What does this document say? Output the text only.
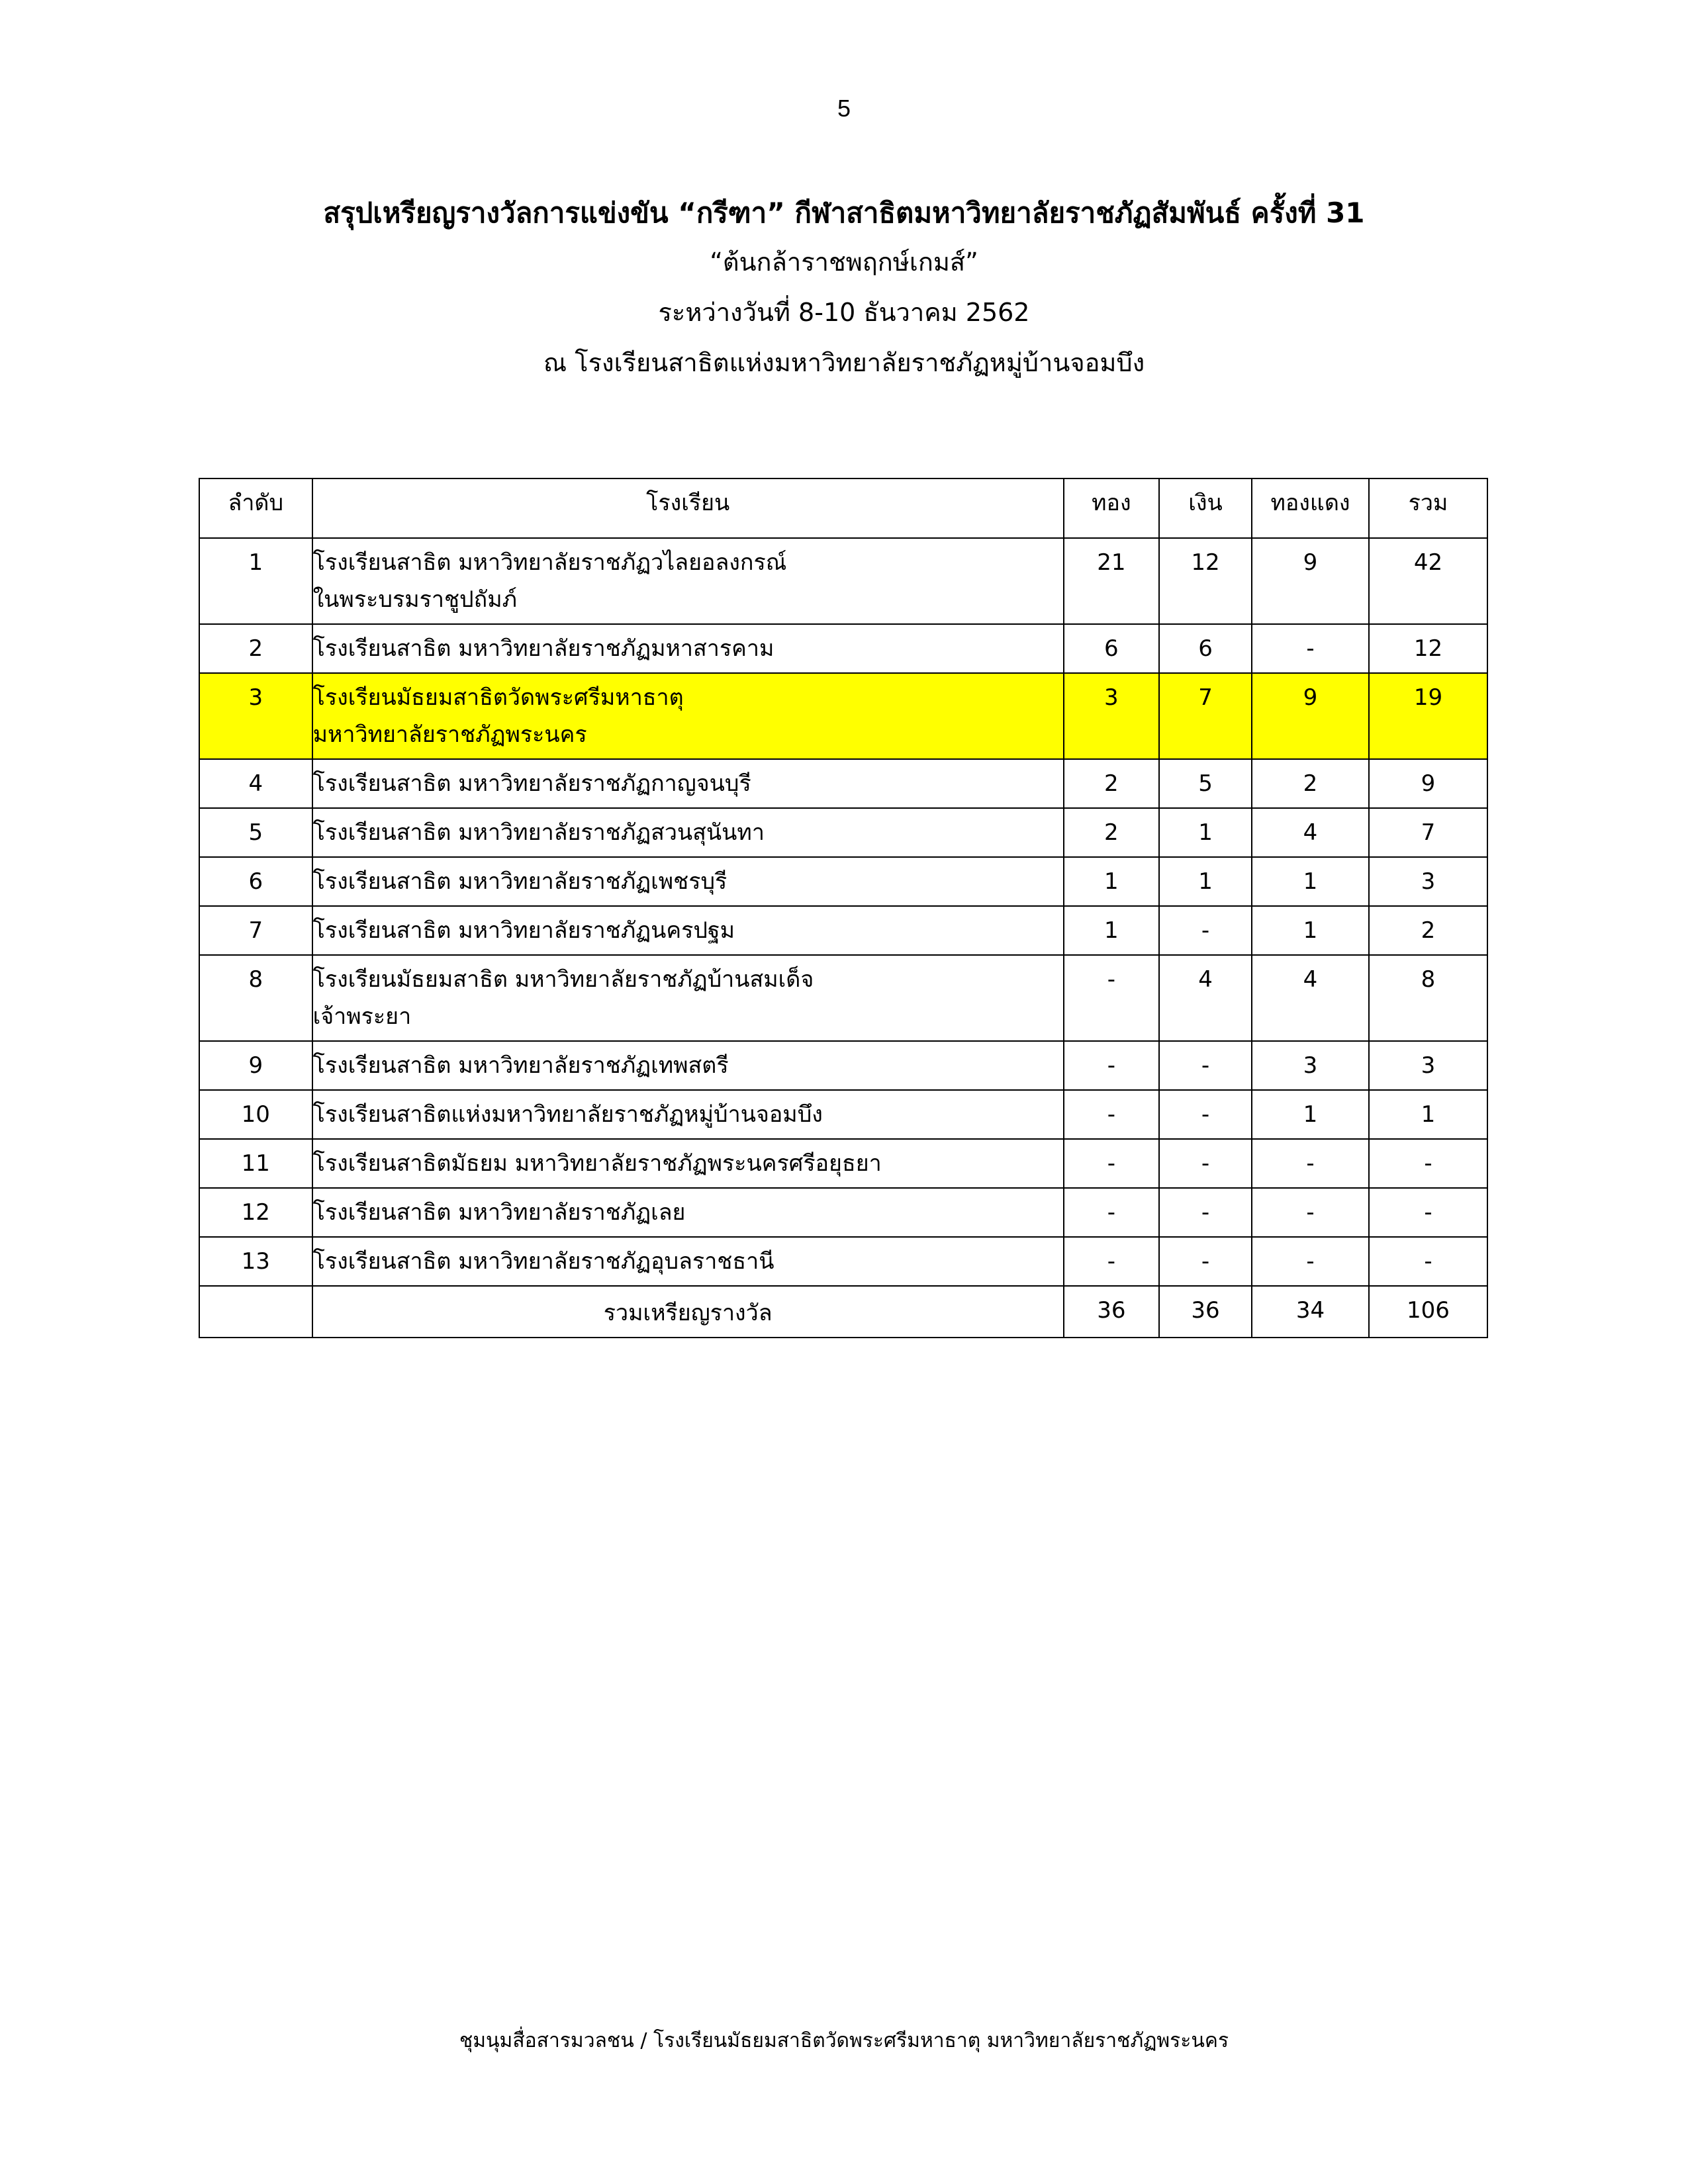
5
สรุปเหรียญรางวัลการแข่งขัน “กรีฑา” กีฬาสาธิตมหาวิทยาลัยราชภัฏสัมพันธ์ ครั้งที่ 31
“ต้นกล้าราชพฤกษ์เกมส์”
ระหว่างวันที่ 8-10 ธันวาคม 2562
ณ โรงเรียนสาธิตแห่งมหาวิทยาลัยราชภัฏหมู่บ้านจอมบึง
ลำดับ	โรงเรียน	ทอง	เงิน	ทองแดง	รวม
1	โรงเรียนสาธิต มหาวิทยาลัยราชภัฏวไลยอลงกรณ์
ในพระบรมราชูปถัมภ์	21	12	9	42
2	โรงเรียนสาธิต มหาวิทยาลัยราชภัฏมหาสารคาม	6	6	-	12
3	โรงเรียนมัธยมสาธิตวัดพระศรีมหาธาตุ
มหาวิทยาลัยราชภัฏพระนคร	3	7	9	19
4	โรงเรียนสาธิต มหาวิทยาลัยราชภัฏกาญจนบุรี	2	5	2	9
5	โรงเรียนสาธิต มหาวิทยาลัยราชภัฏสวนสุนันทา	2	1	4	7
6	โรงเรียนสาธิต มหาวิทยาลัยราชภัฏเพชรบุรี	1	1	1	3
7	โรงเรียนสาธิต มหาวิทยาลัยราชภัฏนครปฐม	1	-	1	2
8	โรงเรียนมัธยมสาธิต มหาวิทยาลัยราชภัฏบ้านสมเด็จ
เจ้าพระยา	-	4	4	8
9	โรงเรียนสาธิต มหาวิทยาลัยราชภัฏเทพสตรี	-	-	3	3
10	โรงเรียนสาธิตแห่งมหาวิทยาลัยราชภัฏหมู่บ้านจอมบึง	-	-	1	1
11	โรงเรียนสาธิตมัธยม มหาวิทยาลัยราชภัฏพระนครศรีอยุธยา	-	-	-	-
12	โรงเรียนสาธิต มหาวิทยาลัยราชภัฏเลย	-	-	-	-
13	โรงเรียนสาธิต มหาวิทยาลัยราชภัฏอุบลราชธานี	-	-	-	-
	รวมเหรียญรางวัล	36	36	34	106
ชุมนุมสื่อสารมวลชน / โรงเรียนมัธยมสาธิตวัดพระศรีมหาธาตุ มหาวิทยาลัยราชภัฏพระนคร
